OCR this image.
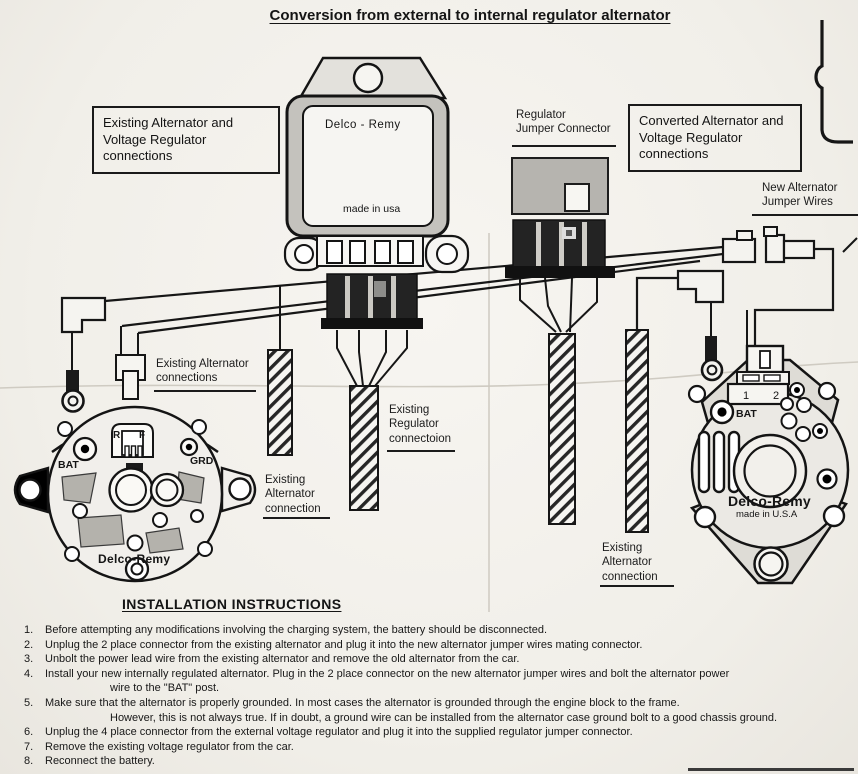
Delco - Remy
made in usa
R F
BAT	GRD
Delco-Remy
1 2
BAT
Delco-Remy
made in U.S.A
Conversion from external to internal regulator alternator
Existing Alternator and Voltage Regulator connections
Converted Alternator and Voltage Regulator connections
Regulator
Jumper Connector
New Alternator
Jumper Wires
Existing Alternator
connections
Existing
Regulator
connectoion
Existing
Alternator
connection
Existing
Alternator
connection
INSTALLATION INSTRUCTIONS
1. Before attempting any modifications involving the charging system, the battery should be disconnected.
2. Unplug the 2 place connector from the existing alternator and plug it into the new alternator jumper wires mating connector.
3. Unbolt the power lead wire from the existing alternator and remove the old alternator from the car.
4. Install your new internally regulated alternator. Plug in the 2 place connector on the new alternator jumper wires and bolt the alternator power
wire to the "BAT" post.
5. Make sure that the alternator is properly grounded. In most cases the alternator is grounded through the engine block to the frame.
However, this is not always true. If in doubt, a ground wire can be installed from the alternator case ground bolt to a good chassis ground.
6. Unplug the 4 place connector from the external voltage regulator and plug it into the supplied regulator jumper connector.
7. Remove the existing voltage regulator from the car.
8. Reconnect the battery.
